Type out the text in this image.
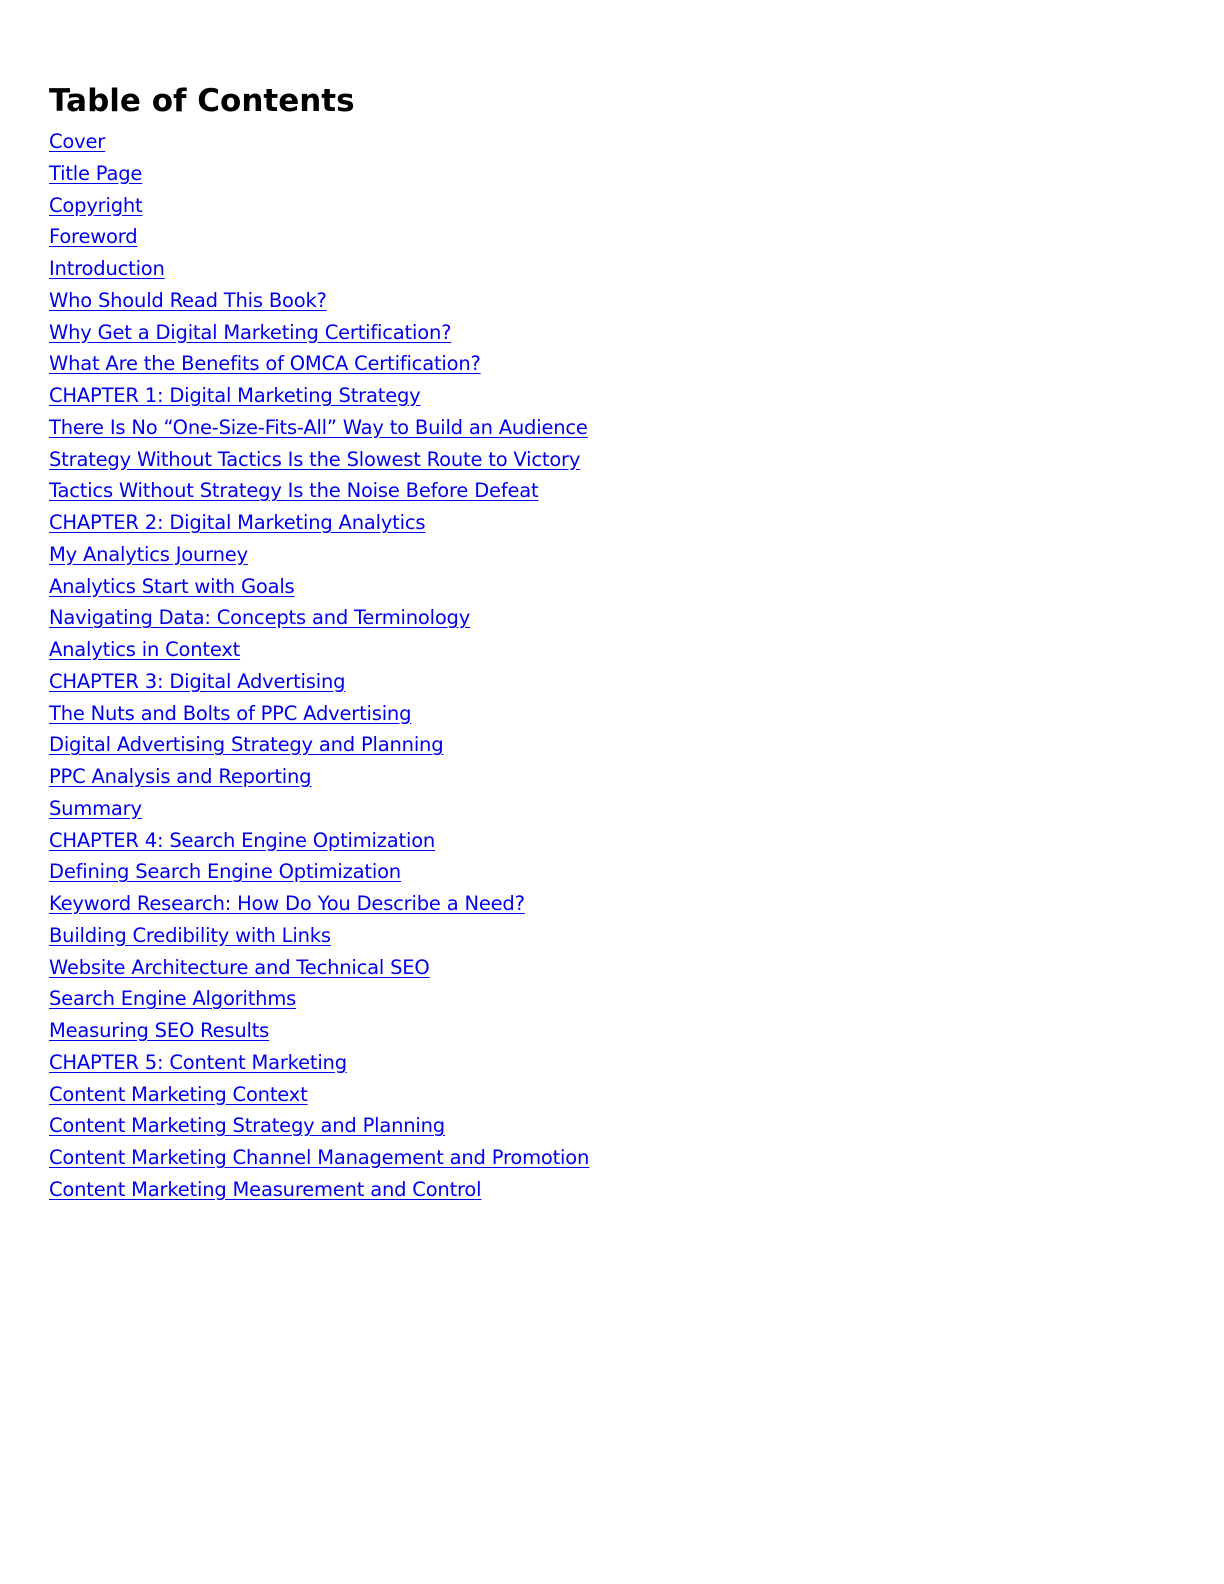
Table of Contents
Cover
Title Page
Copyright
Foreword
Introduction
Who Should Read This Book?
Why Get a Digital Marketing Certification?
What Are the Benefits of OMCA Certification?
CHAPTER 1: Digital Marketing Strategy
There Is No “One-Size-Fits-All” Way to Build an Audience
Strategy Without Tactics Is the Slowest Route to Victory
Tactics Without Strategy Is the Noise Before Defeat
CHAPTER 2: Digital Marketing Analytics
My Analytics Journey
Analytics Start with Goals
Navigating Data: Concepts and Terminology
Analytics in Context
CHAPTER 3: Digital Advertising
The Nuts and Bolts of PPC Advertising
Digital Advertising Strategy and Planning
PPC Analysis and Reporting
Summary
CHAPTER 4: Search Engine Optimization
Defining Search Engine Optimization
Keyword Research: How Do You Describe a Need?
Building Credibility with Links
Website Architecture and Technical SEO
Search Engine Algorithms
Measuring SEO Results
CHAPTER 5: Content Marketing
Content Marketing Context
Content Marketing Strategy and Planning
Content Marketing Channel Management and Promotion
Content Marketing Measurement and Control
